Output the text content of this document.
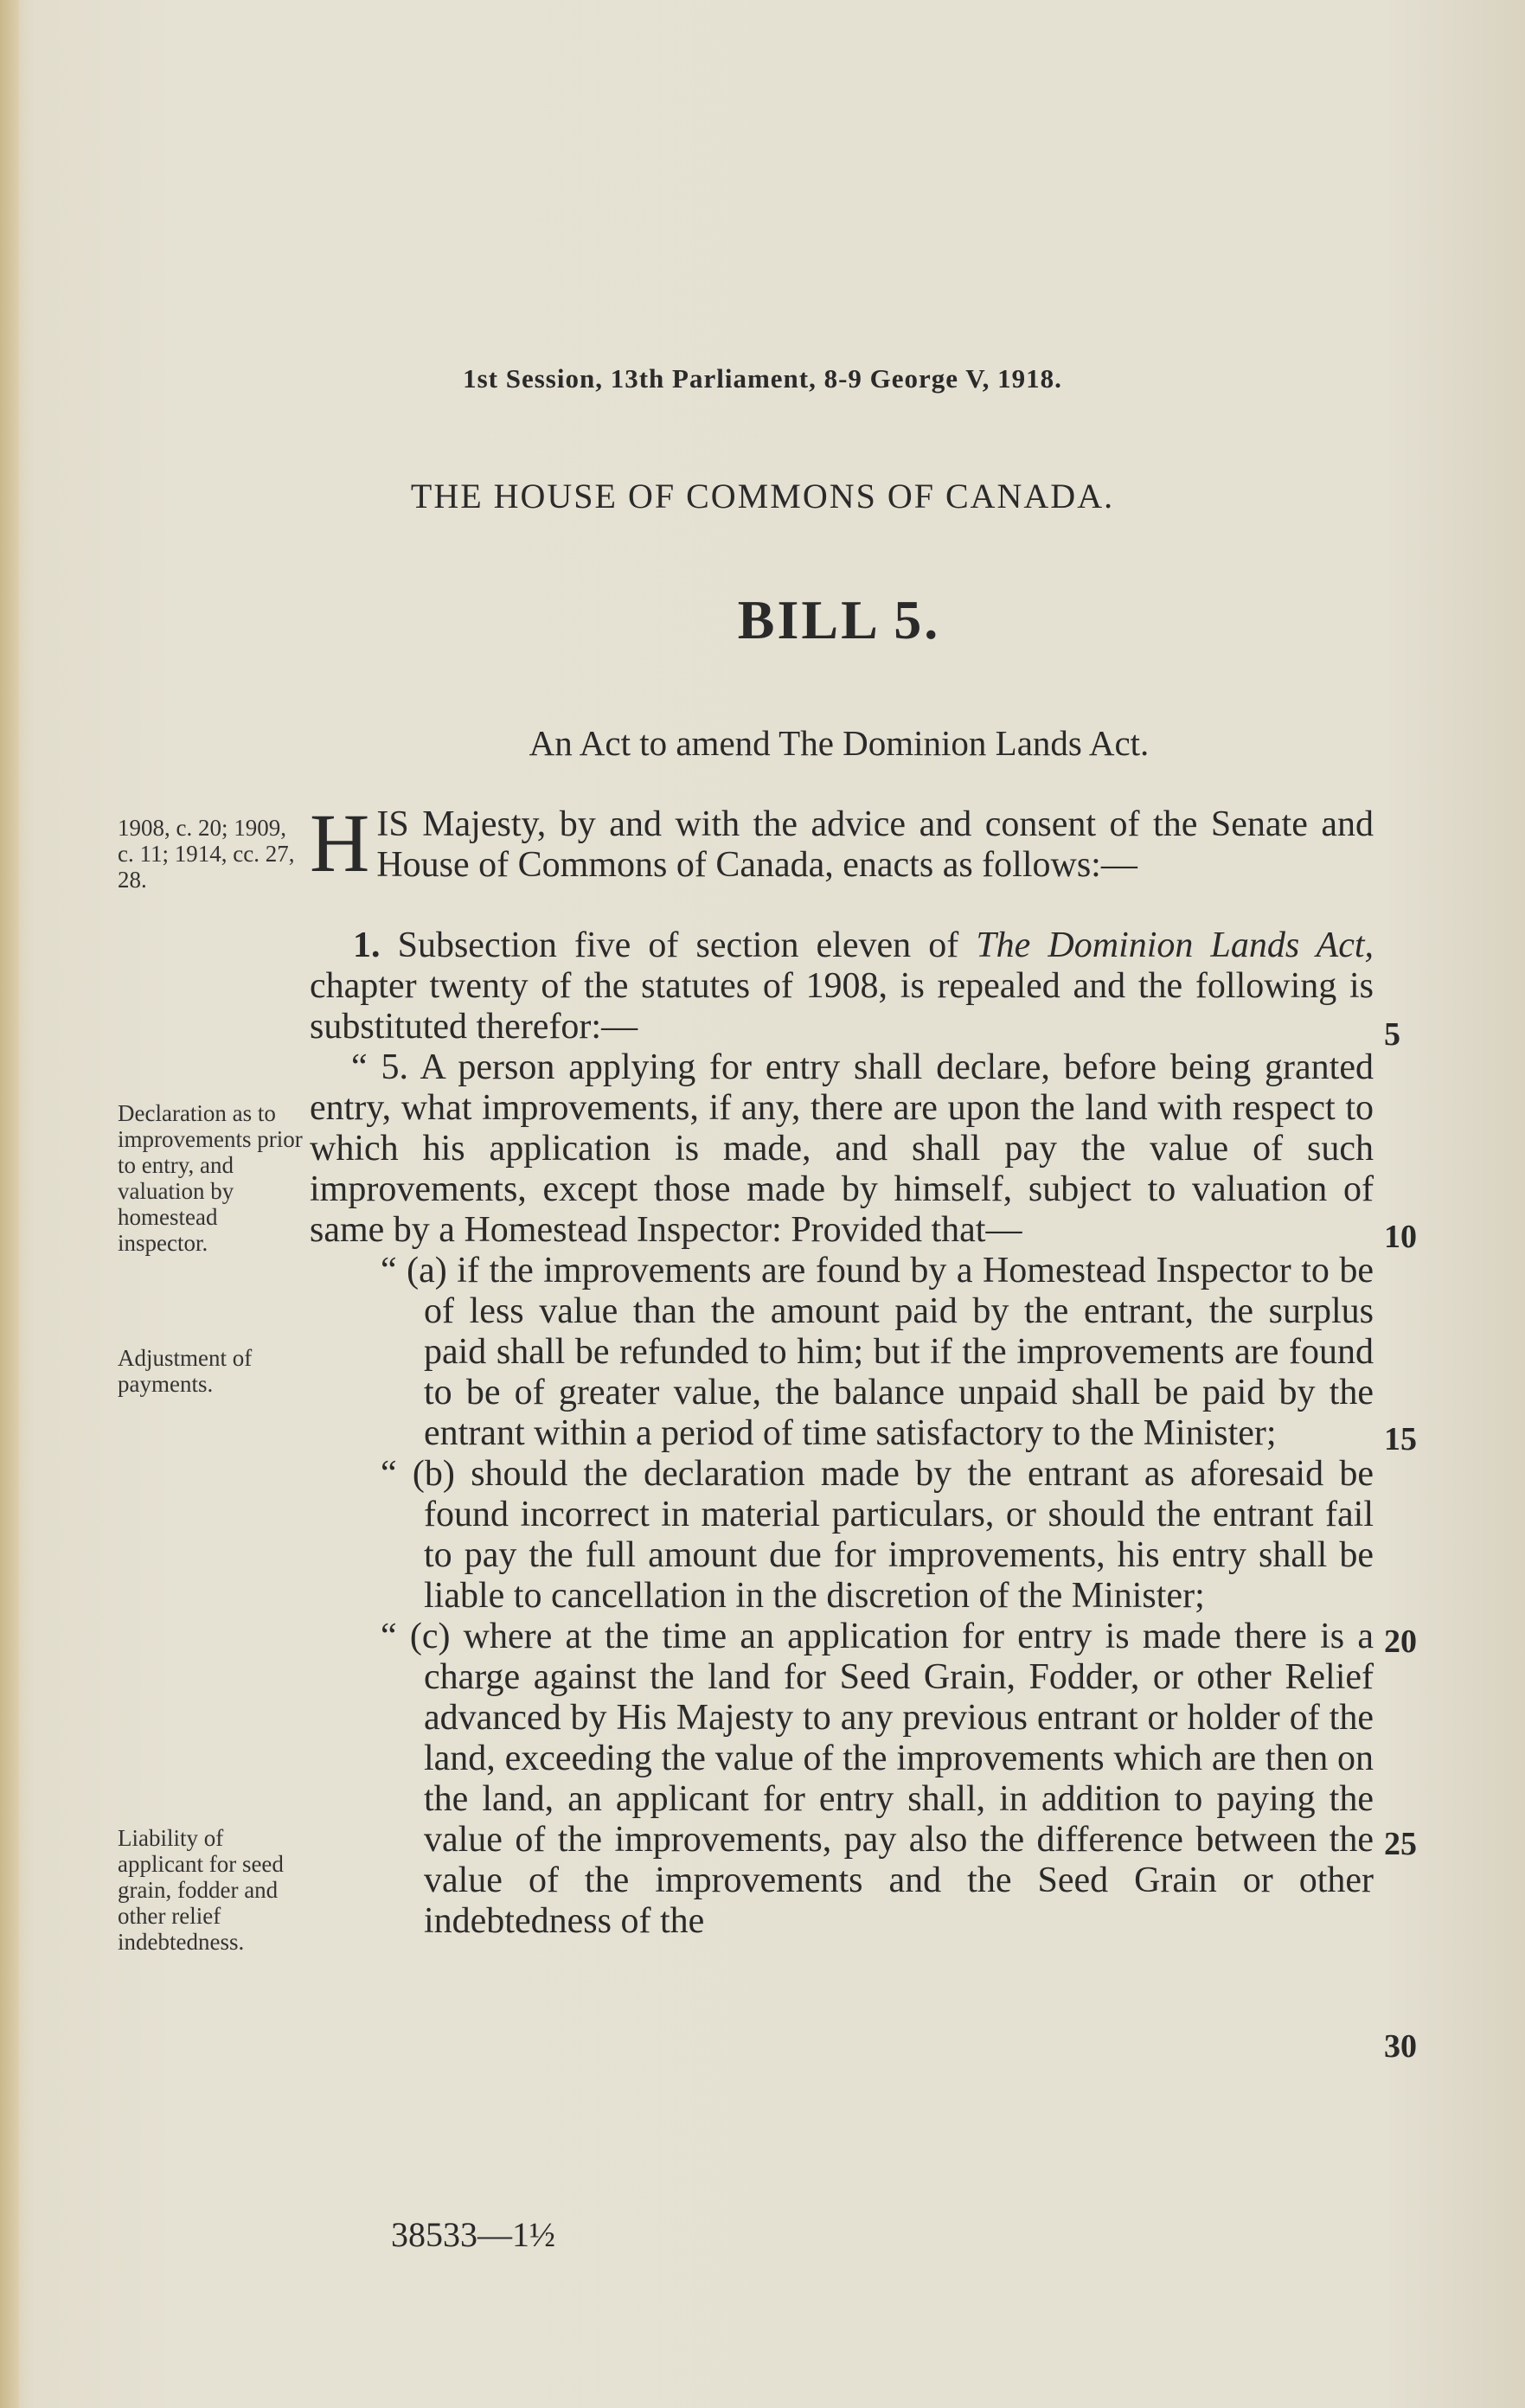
1st Session, 13th Parliament, 8-9 George V, 1918.
THE HOUSE OF COMMONS OF CANADA.
BILL 5.
An Act to amend The Dominion Lands Act.
1908, c. 20; 1909, c. 11; 1914, cc. 27, 28.
Declaration as to improvements prior to entry, and valuation by homestead inspector.
Adjustment of payments.
Liability of applicant for seed grain, fodder and other relief indebtedness.

HIS Majesty, by and with the advice and consent of the Senate and House of Commons of Canada, enacts as follows:—

1. Subsection five of section eleven of The Dominion Lands Act, chapter twenty of the statutes of 1908, is repealed and the following is substituted therefor:—

“ 5. A person applying for entry shall declare, before being granted entry, what improvements, if any, there are upon the land with respect to which his application is made, and shall pay the value of such improvements, except those made by himself, subject to valuation of same by a Homestead Inspector: Provided that—

“ (a) if the improvements are found by a Homestead Inspector to be of less value than the amount paid by the entrant, the surplus paid shall be refunded to him; but if the improvements are found to be of greater value, the balance unpaid shall be paid by the entrant within a period of time satisfactory to the Minister;

“ (b) should the declaration made by the entrant as aforesaid be found incorrect in material particulars, or should the entrant fail to pay the full amount due for improvements, his entry shall be liable to cancellation in the discretion of the Minister;

“ (c) where at the time an application for entry is made there is a charge against the land for Seed Grain, Fodder, or other Relief advanced by His Majesty to any previous entrant or holder of the land, exceeding the value of the improvements which are then on the land, an applicant for entry shall, in addition to paying the value of the improvements, pay also the difference between the value of the improvements and the Seed Grain or other indebtedness of the

5
10
15
20
25
30
38533—1½
